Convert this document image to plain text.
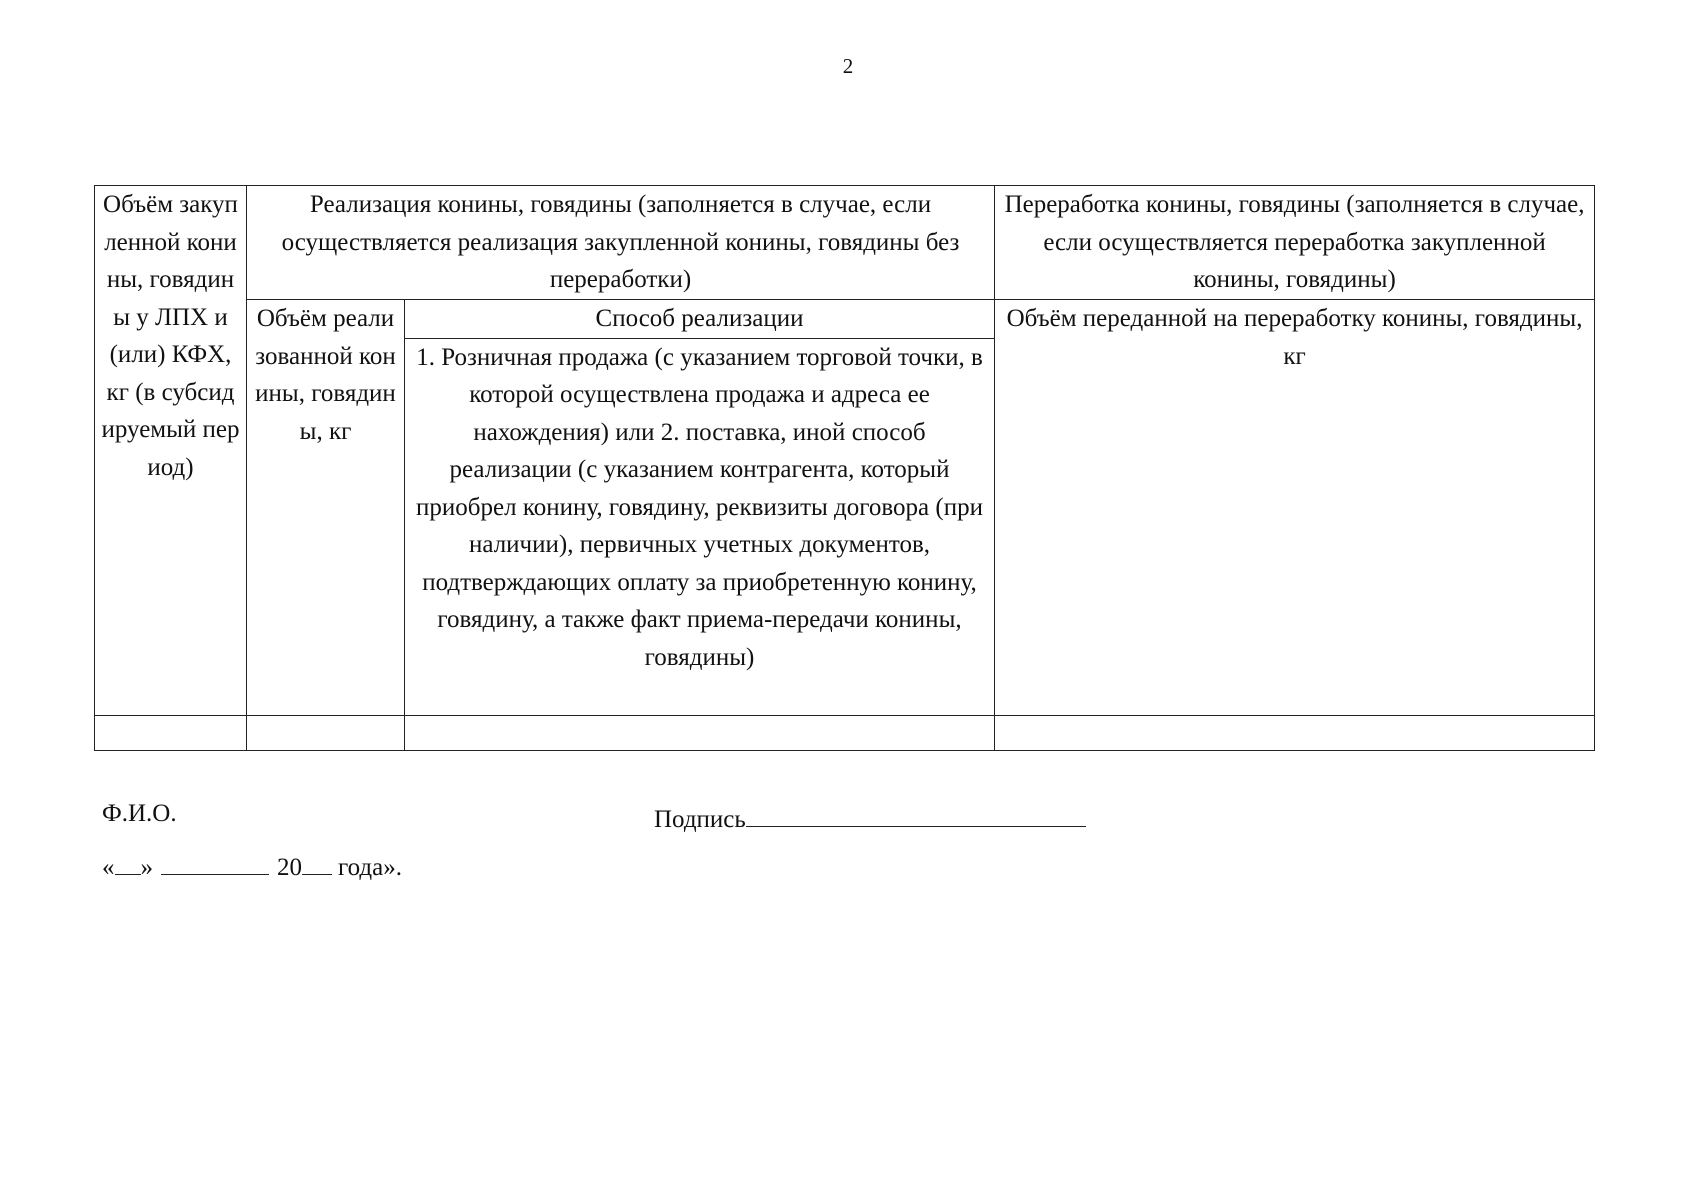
2
Объём закупленной конины, говядины у ЛПХ и (или) КФХ, кг (в субсидируемый период)	Реализация конины, говядины (заполняется в случае, если осуществляется реализация закупленной конины, говядины без переработки)		Переработка конины, говядины (заполняется в случае, если осуществляется переработка закупленной конины, говядины)
	Объём реализованной конины, говядины, кг	Способ реализации	Объём переданной на переработку конины, говядины, кг
		1. Розничная продажа (с указанием торговой точки, в которой осуществлена продажа и адреса ее нахождения) или 2. поставка, иной способ реализации (с указанием контрагента, который приобрел конину, говядину, реквизиты договора (при наличии), первичных учетных документов, подтверждающих оплату за приобретенную конину, говядину, а также факт приема-передачи конины, говядины)	

Ф.И.О.	Подпись
« »	20 года».
